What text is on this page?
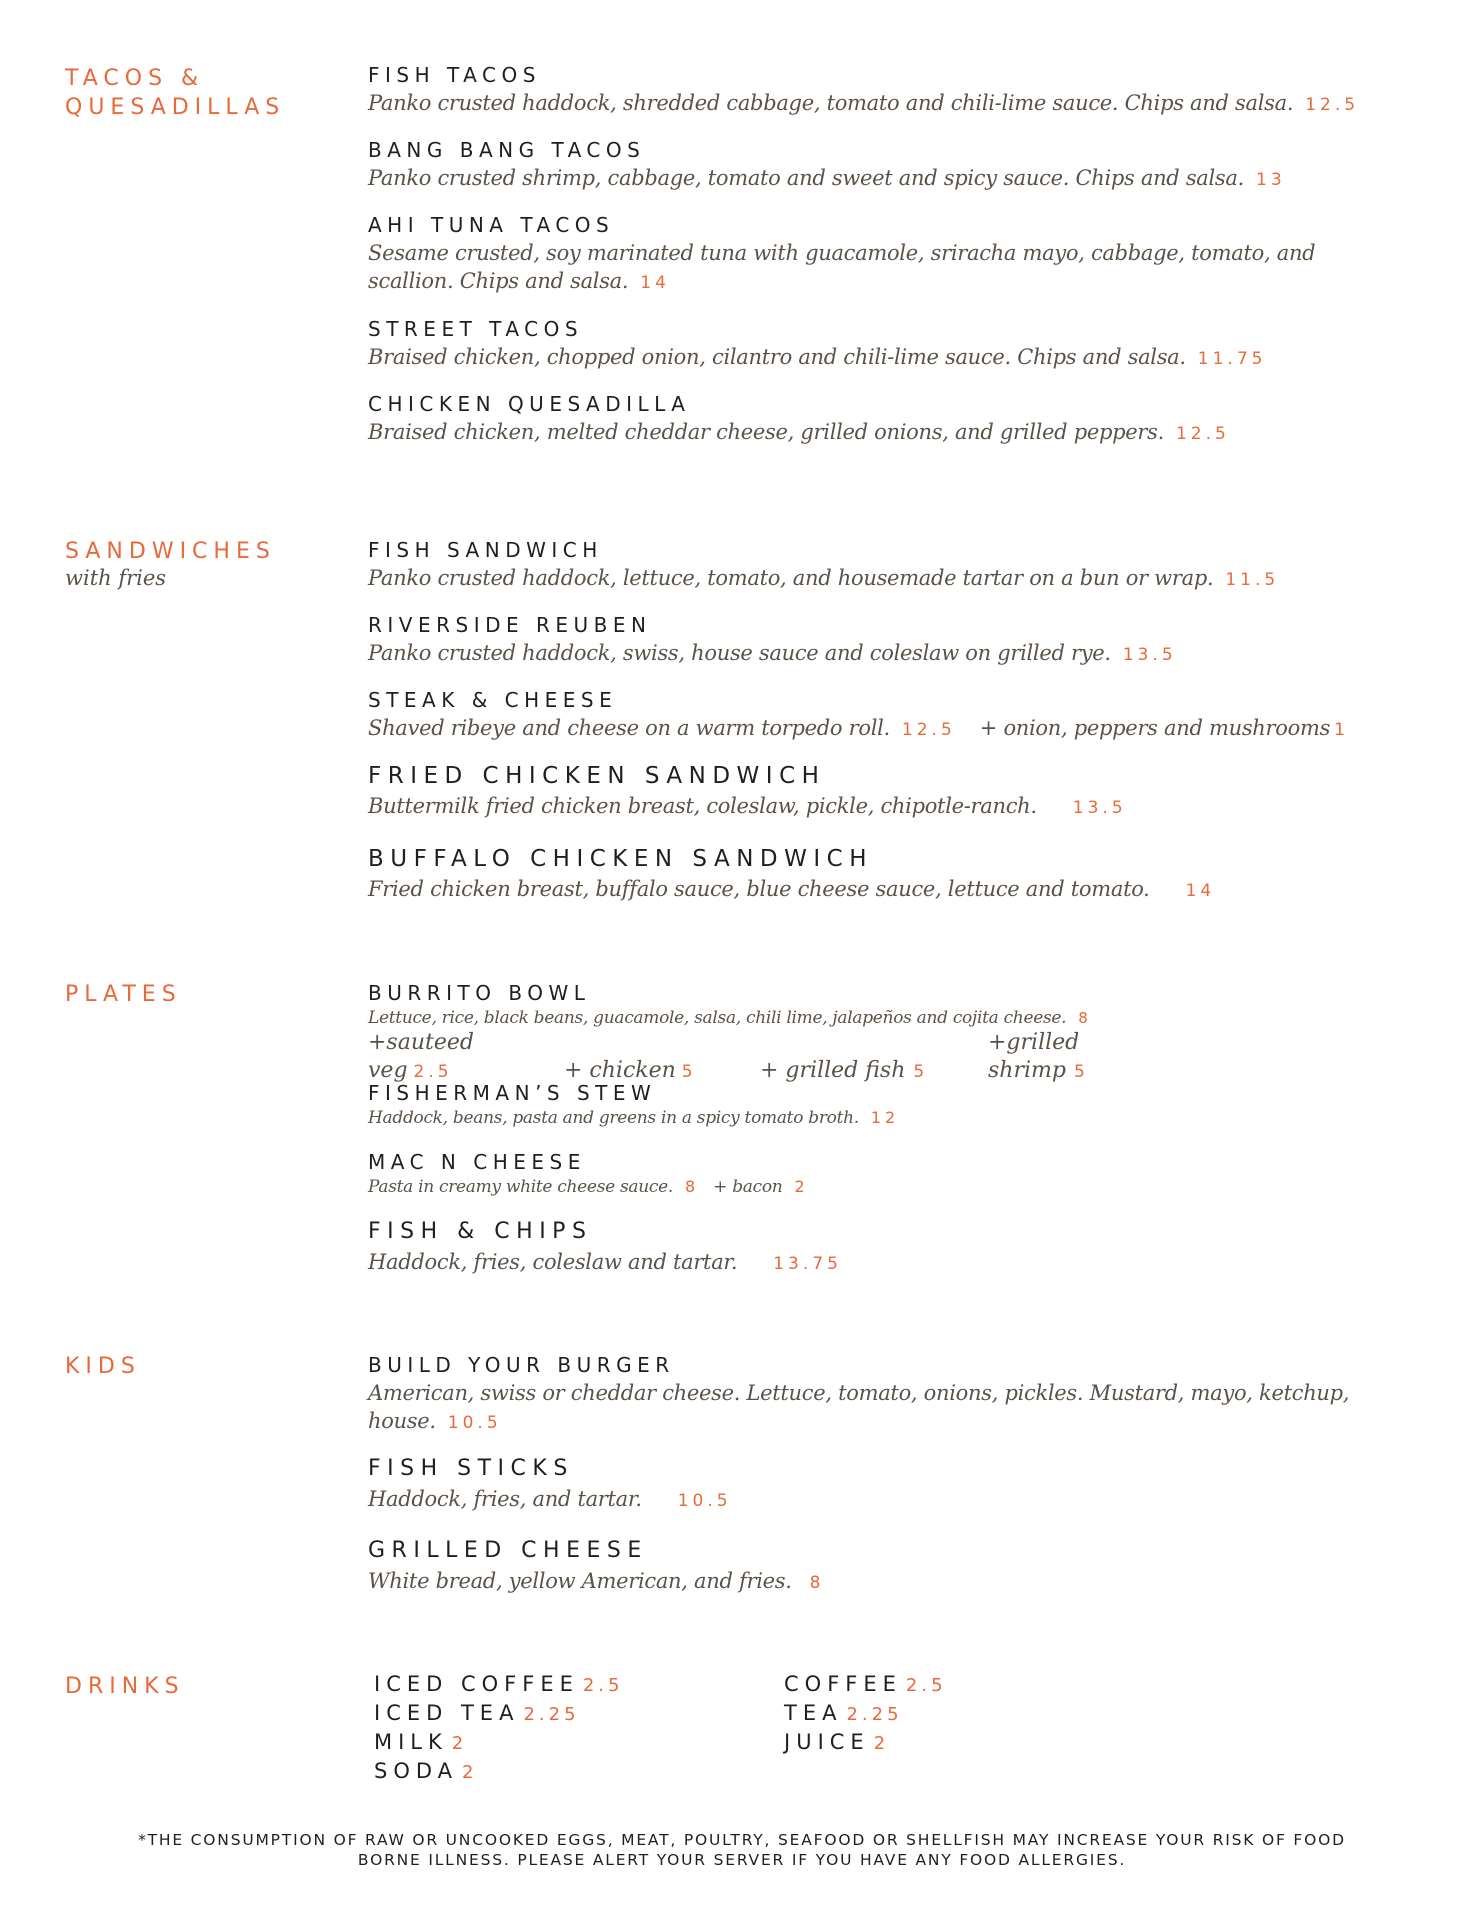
TACOS &
QUESADILLAS
FISH TACOS
Panko crusted haddock, shredded cabbage, tomato and chili-lime sauce. Chips and salsa. 12.5
BANG BANG TACOS
Panko crusted shrimp, cabbage, tomato and sweet and spicy sauce. Chips and salsa. 13
AHI TUNA TACOS
Sesame crusted, soy marinated tuna with guacamole, sriracha mayo, cabbage, tomato, and scallion. Chips and salsa. 14
STREET TACOS
Braised chicken, chopped onion, cilantro and chili-lime sauce. Chips and salsa. 11.75
CHICKEN QUESADILLA
Braised chicken, melted cheddar cheese, grilled onions, and grilled peppers. 12.5
SANDWICHES
with fries
FISH SANDWICH
Panko crusted haddock, lettuce, tomato, and housemade tartar on a bun or wrap. 11.5
RIVERSIDE REUBEN
Panko crusted haddock, swiss, house sauce and coleslaw on grilled rye. 13.5
STEAK & CHEESE
Shaved ribeye and cheese on a warm torpedo roll. 12.5 + onion, peppers and mushrooms 1
FRIED CHICKEN SANDWICH
Buttermilk fried chicken breast, coleslaw, pickle, chipotle-ranch. 13.5
BUFFALO CHICKEN SANDWICH
Fried chicken breast, buffalo sauce, blue cheese sauce, lettuce and tomato. 14
PLATES	BURRITO BOWL
Lettuce, rice, black beans, guacamole, salsa, chili lime, jalapeños and cojita cheese. 8
+sauteed veg 2.5	+ chicken 5	+ grilled fish 5+grilled shrimp 5
FISHERMAN’S STEW
Haddock, beans, pasta and greens in a spicy tomato broth. 12
MAC N CHEESE
Pasta in creamy white cheese sauce. 8 + bacon 2
FISH & CHIPS
Haddock, fries, coleslaw and tartar. 13.75
KIDS	BUILD YOUR BURGER
American, swiss or cheddar cheese. Lettuce, tomato, onions, pickles. Mustard, mayo, ketchup, house. 10.5
FISH STICKS
Haddock, fries, and tartar. 10.5
GRILLED CHEESE
White bread, yellow American, and fries. 8
DRINKS	ICED COFFEE 2.5
ICED TEA 2.25
MILK 2
SODA 2
COFFEE 2.5
TEA 2.25
JUICE 2
*THE CONSUMPTION OF RAW OR UNCOOKED EGGS, MEAT, POULTRY, SEAFOOD OR SHELLFISH MAY INCREASE YOUR RISK OF FOOD
BORNE ILLNESS. PLEASE ALERT YOUR SERVER IF YOU HAVE ANY FOOD ALLERGIES.
